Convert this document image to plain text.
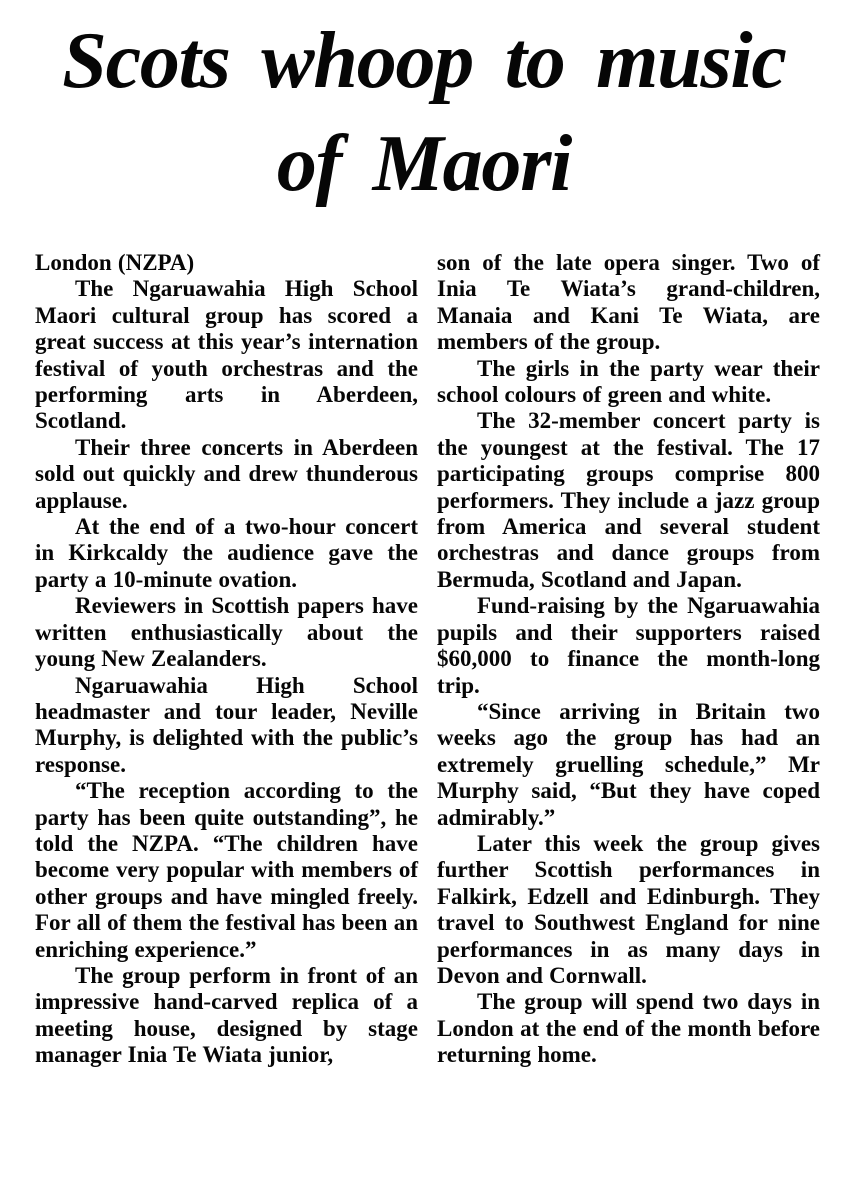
Scots whoop to music
of Maori

London (NZPA)

The Ngaruawahia High School Maori cultural group has scored a great success at this year’s internation festival of youth orchestras and the performing arts in Aberdeen, Scotland.

Their three concerts in Aberdeen sold out quickly and drew thunderous applause.

At the end of a two-hour concert in Kirkcaldy the audience gave the party a 10-minute ovation.

Reviewers in Scottish papers have written enthusiastically about the young New Zealanders.

Ngaruawahia High School headmaster and tour leader, Neville Murphy, is delighted with the public’s response.

“The reception according to the party has been quite outstanding”, he told the NZPA. “The children have become very popular with members of other groups and have mingled freely. For all of them the festival has been an enriching experience.”

The group perform in front of an impressive hand-carved replica of a meeting house, designed by stage manager Inia Te Wiata junior,

son of the late opera singer. Two of Inia Te Wiata’s grand-children, Manaia and Kani Te Wiata, are members of the group.

The girls in the party wear their school colours of green and white.

The 32-member concert party is the youngest at the festival. The 17 participating groups comprise 800 performers. They include a jazz group from America and several student orchestras and dance groups from Bermuda, Scotland and Japan.

Fund-raising by the Ngaruawahia pupils and their supporters raised $60,000 to finance the month-long trip.

“Since arriving in Britain two weeks ago the group has had an extremely gruelling schedule,” Mr Murphy said, “But they have coped admirably.”

Later this week the group gives further Scottish performances in Falkirk, Edzell and Edinburgh. They travel to Southwest England for nine performances in as many days in Devon and Cornwall.

The group will spend two days in London at the end of the month before returning home.
